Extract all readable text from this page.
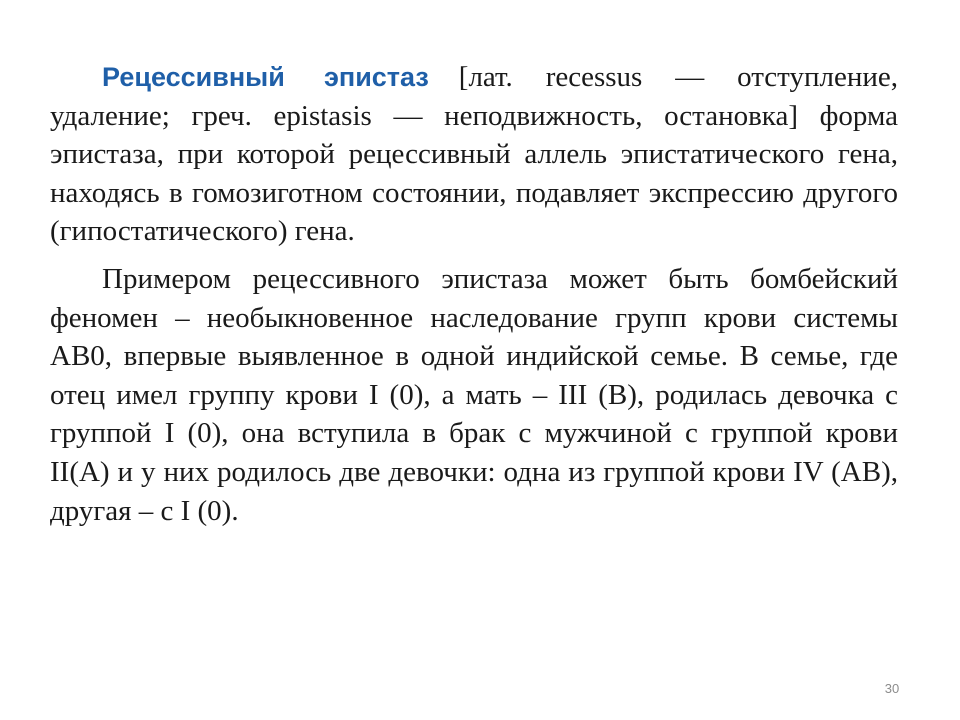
Рецессивный эпистаз [лат. recessus — отступление, удаление; греч. epistasis — неподвижность, остановка] форма эпистаза, при которой рецессивный аллель эпистатического гена, находясь в гомозиготном состоянии, подавляет экспрессию другого (гипостатического) гена.

Примером рецессивного эпистаза может быть бомбейский феномен – необыкновенное наследование групп крови системы АВ0, впервые выявленное в одной индийской семье. В семье, где отец имел группу крови I (0), а мать – III (B), родилась девочка с группой I (0), она вступила в брак с мужчиной с группой крови II(A) и у них родилось две девочки: одна из группой крови IV (AB), другая – с I (0).

30
